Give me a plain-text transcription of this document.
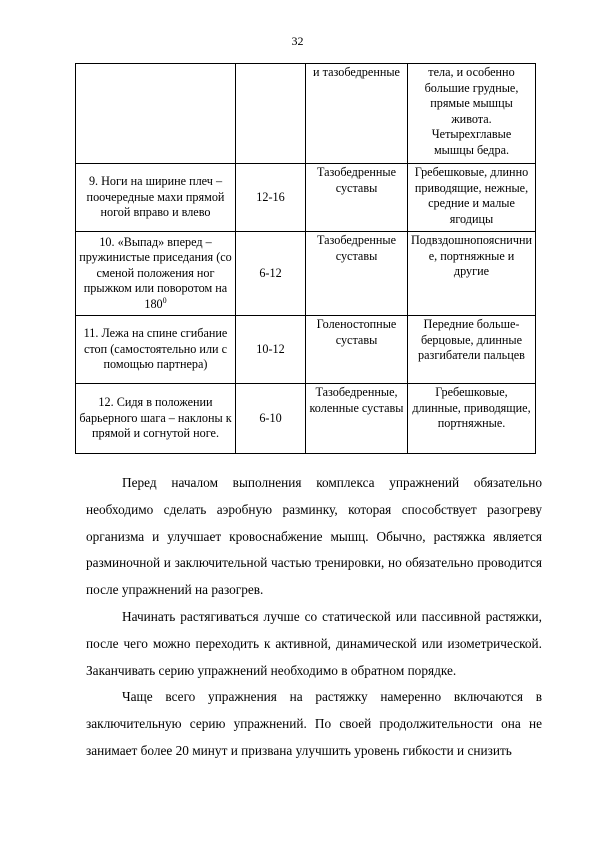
32
		и тазобедренные	тела, и особенно большие грудные, прямые мышцы живота. Четырехглавые мышцы бедра.
9. Ноги на ширине плеч – поочередные махи прямой ногой вправо и влево	12-16	Тазобедренные суставы	Гребешковые, длинно приводящие, нежные, средние и малые ягодицы
10. «Выпад» вперед – пружинистые приседания (со сменой положения ног прыжком или поворотом на $180^0$	6-12	Тазобедренные суставы	Подвздошнопояснични е, портняжные и другие
11. Лежа на спине сгибание стоп (самостоятельно или с помощью партнера)	10-12	Голеностопные суставы	Передние больше-берцовые, длинные разгибатели пальцев
12. Сидя в положении барьерного шага – наклоны к прямой и согнутой ноге.	6-10	Тазобедренные, коленные суставы	Гребешковые, длинные, приводящие, портняжные.

Перед началом выполнения комплекса упражнений обязательно необходимо сделать аэробную разминку, которая способствует разогреву организма и улучшает кровоснабжение мышц. Обычно, растяжка является разминочной и заключительной частью тренировки, но обязательно проводится после упражнений на разогрев.

Начинать растягиваться лучше со статической или пассивной растяжки, после чего можно переходить к активной, динамической или изометрической. Заканчивать серию упражнений необходимо в обратном порядке.

Чаще всего упражнения на растяжку намеренно включаются в заключительную серию упражнений. По своей продолжительности она не занимает более 20 минут и призвана улучшить уровень гибкости и снизить
